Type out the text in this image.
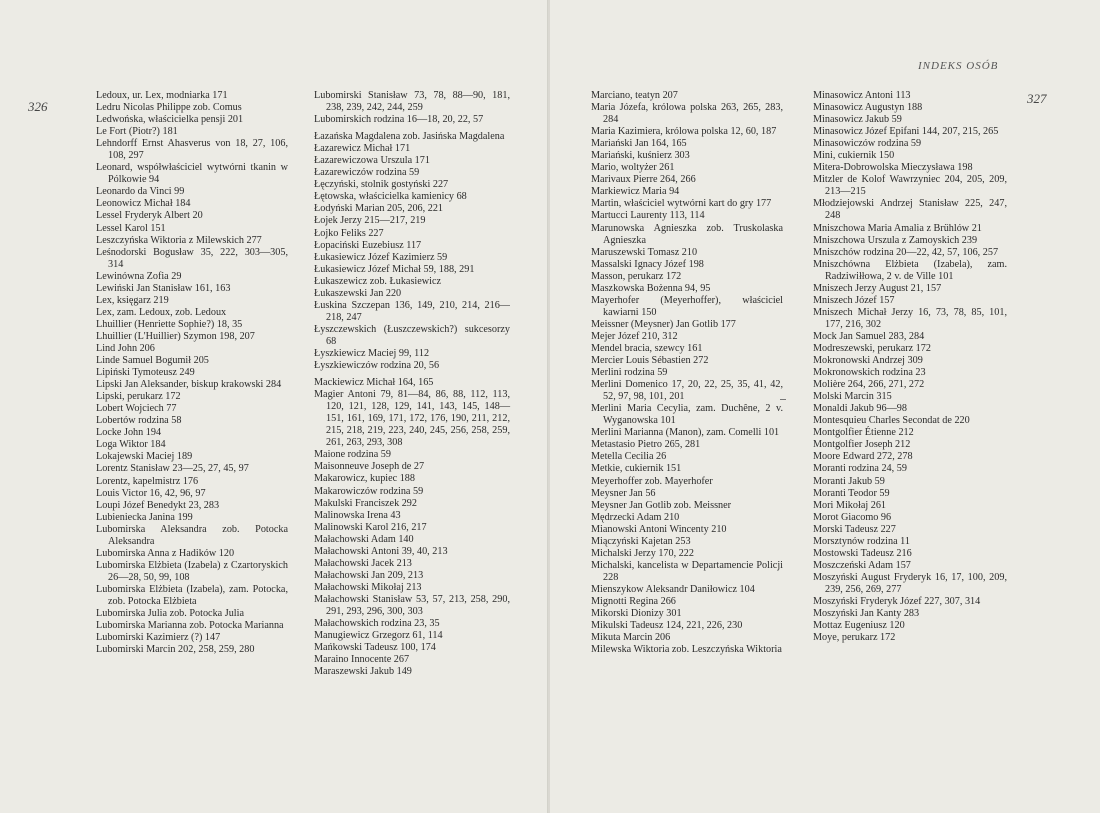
326

Ledoux, ur. Lex, modniarka 171

Ledru Nicolas Philippe zob. Comus

Ledwońska, właścicielka pensji 201

Le Fort (Piotr?) 181

Lehndorff Ernst Ahasverus von 18, 27, 106, 108, 297

Leonard, współwłaściciel wytwórni tkanin w Pólkowie 94

Leonardo da Vinci 99

Leonowicz Michał 184

Lessel Fryderyk Albert 20

Lessel Karol 151

Leszczyńska Wiktoria z Milewskich 277

Leśnodorski Bogusław 35, 222, 303—305, 314

Lewinówna Zofia 29

Lewiński Jan Stanisław 161, 163

Lex, księgarz 219

Lex, zam. Ledoux, zob. Ledoux

Lhuillier (Henriette Sophie?) 18, 35

Lhuillier (L'Huillier) Szymon 198, 207

Lind John 206

Linde Samuel Bogumił 205

Lipiński Tymoteusz 249

Lipski Jan Aleksander, biskup krakowski 284

Lipski, perukarz 172

Lobert Wojciech 77

Lobertów rodzina 58

Locke John 194

Loga Wiktor 184

Lokajewski Maciej 189

Lorentz Stanisław 23—25, 27, 45, 97

Lorentz, kapelmistrz 176

Louis Victor 16, 42, 96, 97

Loupi Józef Benedykt 23, 283

Lubieniecka Janina 199

Lubomirska Aleksandra zob. Potocka Aleksandra

Lubomirska Anna z Hadików 120

Lubomirska Elżbieta (Izabela) z Czartoryskich 26—28, 50, 99, 108

Lubomirska Elżbieta (Izabela), zam. Potocka, zob. Potocka Elżbieta

Lubomirska Julia zob. Potocka Julia

Lubomirska Marianna zob. Potocka Marianna

Lubomirski Kazimierz (?) 147

Lubomirski Marcin 202, 258, 259, 280

Lubomirski Stanisław 73, 78, 88—90, 181, 238, 239, 242, 244, 259

Lubomirskich rodzina 16—18, 20, 22, 57

Łazańska Magdalena zob. Jasińska Magdalena

Łazarewicz Michał 171

Łazarewiczowa Urszula 171

Łazarewiczów rodzina 59

Łęczyński, stolnik gostyński 227

Łętowska, właścicielka kamienicy 68

Łodyński Marian 205, 206, 221

Łojek Jerzy 215—217, 219

Łojko Feliks 227

Łopaciński Euzebiusz 117

Łukasiewicz Józef Kazimierz 59

Łukasiewicz Józef Michał 59, 188, 291

Łukaszewicz zob. Łukasiewicz

Łukaszewski Jan 220

Łuskina Szczepan 136, 149, 210, 214, 216—218, 247

Łyszczewskich (Łuszczewskich?) sukcesorzy 68

Łyszkiewicz Maciej 99, 112

Łyszkiewiczów rodzina 20, 56

Mackiewicz Michał 164, 165

Magier Antoni 79, 81—84, 86, 88, 112, 113, 120, 121, 128, 129, 141, 143, 145, 148—151, 161, 169, 171, 172, 176, 190, 211, 212, 215, 218, 219, 223, 240, 245, 256, 258, 259, 261, 263, 293, 308

Maione rodzina 59

Maisonneuve Joseph de 27

Makarowicz, kupiec 188

Makarowiczów rodzina 59

Makulski Franciszek 292

Malinowska Irena 43

Malinowski Karol 216, 217

Małachowski Adam 140

Małachowski Antoni 39, 40, 213

Małachowski Jacek 213

Małachowski Jan 209, 213

Małachowski Mikołaj 213

Małachowski Stanisław 53, 57, 213, 258, 290, 291, 293, 296, 300, 303

Małachowskich rodzina 23, 35

Manugiewicz Grzegorz 61, 114

Mańkowski Tadeusz 100, 174

Maraino Innocente 267

Maraszewski Jakub 149

INDEKS OSÓB
327

Marciano, teatyn 207

Maria Józefa, królowa polska 263, 265, 283, 284

Maria Kazimiera, królowa polska 12, 60, 187

Mariański Jan 164, 165

Mariański, kuśnierz 303

Mario, woltyżer 261

Marivaux Pierre 264, 266

Markiewicz Maria 94

Martin, właściciel wytwórni kart do gry 177

Martucci Laurenty 113, 114

Marunowska Agnieszka zob. Truskolaska Agnieszka

Maruszewski Tomasz 210

Massalski Ignacy Józef 198

Masson, perukarz 172

Maszkowska Bożenna 94, 95

Mayerhofer (Meyerhoffer), właściciel kawiarni 150

Meissner (Meysner) Jan Gotlib 177

Mejer Józef 210, 312

Mendel bracia, szewcy 161

Mercier Louis Sébastien 272

Merlini rodzina 59

Merlini Domenico 17, 20, 22, 25, 35, 41, 42, 52, 97, 98, 101, 201

Merlini Maria Cecylia, zam. Duchêne, 2 v. Wyganowska 101

Merlini Marianna (Manon), zam. Comelli 101

Metastasio Pietro 265, 281

Metella Cecilia 26

Metkie, cukiernik 151

Meyerhoffer zob. Mayerhofer

Meysner Jan 56

Meysner Jan Gotlib zob. Meissner

Mędrzecki Adam 210

Mianowski Antoni Wincenty 210

Miączyński Kajetan 253

Michalski Jerzy 170, 222

Michalski, kancelista w Departamencie Policji 228

Mienszykow Aleksandr Daniłowicz 104

Mignotti Regina 266

Mikorski Dionizy 301

Mikulski Tadeusz 124, 221, 226, 230

Mikuta Marcin 206

Milewska Wiktoria zob. Leszczyńska Wiktoria

Minasowicz Antoni 113

Minasowicz Augustyn 188

Minasowicz Jakub 59

Minasowicz Józef Epifani 144, 207, 215, 265

Minasowiczów rodzina 59

Mini, cukiernik 150

Mitera-Dobrowolska Mieczysława 198

Mitzler de Kolof Wawrzyniec 204, 205, 209, 213—215

Młodziejowski Andrzej Stanisław 225, 247, 248

Mniszchowa Maria Amalia z Brühlów 21

Mniszchowa Urszula z Zamoyskich 239

Mniszchów rodzina 20—22, 42, 57, 106, 257

Mniszchówna Elżbieta (Izabela), zam. Radziwiłłowa, 2 v. de Ville 101

Mniszech Jerzy August 21, 157

Mniszech Józef 157

Mniszech Michał Jerzy 16, 73, 78, 85, 101, 177, 216, 302

Mock Jan Samuel 283, 284

Modreszewski, perukarz 172

Mokronowski Andrzej 309

Mokronowskich rodzina 23

Molière 264, 266, 271, 272

Molski Marcin 315

Monaldi Jakub 96—98

Montesquieu Charles Secondat de 220

Montgolfier Étienne 212

Montgolfier Joseph 212

Moore Edward 272, 278

Moranti rodzina 24, 59

Moranti Jakub 59

Moranti Teodor 59

Mori Mikołaj 261

Morot Giacomo 96

Morski Tadeusz 227

Morsztynów rodzina 11

Mostowski Tadeusz 216

Moszczeński Adam 157

Moszyński August Fryderyk 16, 17, 100, 209, 239, 256, 269, 277

Moszyński Fryderyk Józef 227, 307, 314

Moszyński Jan Kanty 283

Mottaz Eugeniusz 120

Moye, perukarz 172
